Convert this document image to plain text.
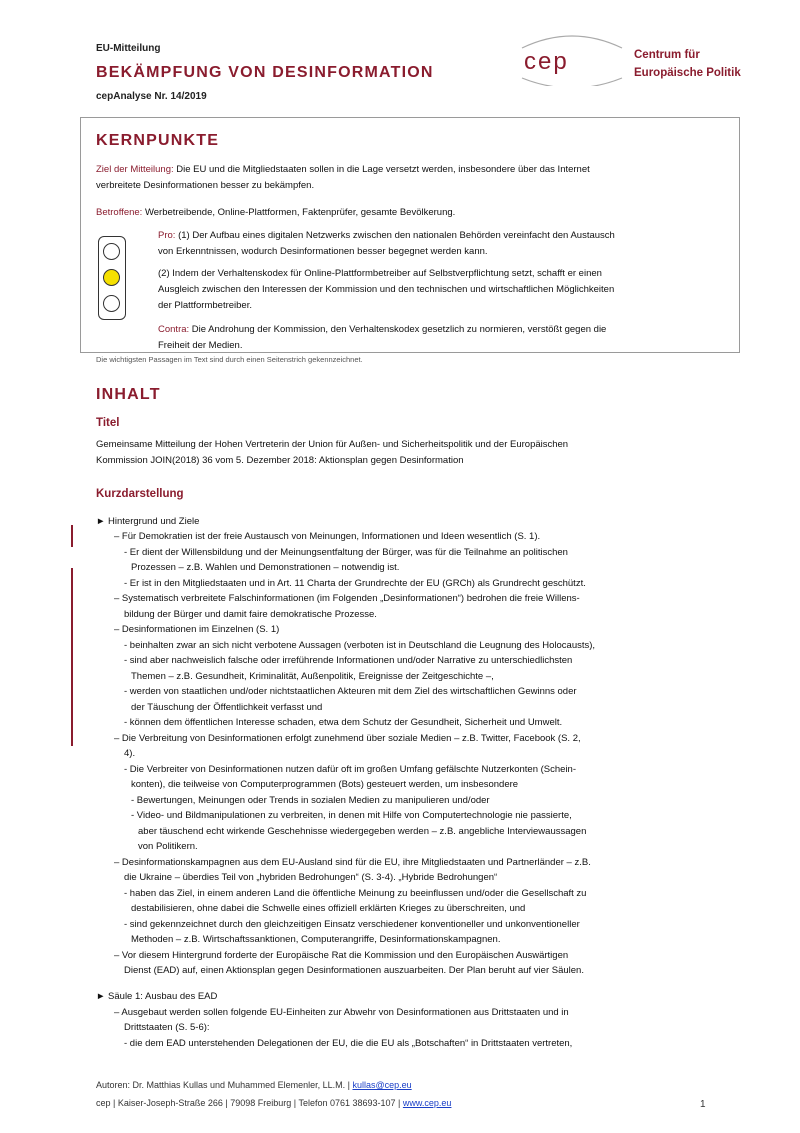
EU-Mitteilung
BEKÄMPFUNG VON DESINFORMATION
cepAnalyse Nr. 14/2019
cep	Centrum für
Europäische Politik
KERNPUNKTE
Ziel der Mitteilung: Die EU und die Mitgliedstaaten sollen in die Lage versetzt werden, insbesondere über das Internet
verbreitete Desinformationen besser zu bekämpfen.
Betroffene: Werbetreibende, Online-Plattformen, Faktenprüfer, gesamte Bevölkerung.
Pro: (1) Der Aufbau eines digitalen Netzwerks zwischen den nationalen Behörden vereinfacht den Austausch
von Erkenntnissen, wodurch Desinformationen besser begegnet werden kann.
(2) Indem der Verhaltenskodex für Online-Plattformbetreiber auf Selbstverpflichtung setzt, schafft er einen
Ausgleich zwischen den Interessen der Kommission und den technischen und wirtschaftlichen Möglichkeiten
der Plattformbetreiber.
Contra: Die Androhung der Kommission, den Verhaltenskodex gesetzlich zu normieren, verstößt gegen die
Freiheit der Medien.
Die wichtigsten Passagen im Text sind durch einen Seitenstrich gekennzeichnet.
INHALT
Titel
Gemeinsame Mitteilung der Hohen Vertreterin der Union für Außen- und Sicherheitspolitik und der Europäischen
Kommission JOIN(2018) 36 vom 5. Dezember 2018: Aktionsplan gegen Desinformation
Kurzdarstellung
► Hintergrund und Ziele
– Für Demokratien ist der freie Austausch von Meinungen, Informationen und Ideen wesentlich (S. 1).
- Er dient der Willensbildung und der Meinungsentfaltung der Bürger, was für die Teilnahme an politischen
Prozessen – z.B. Wahlen und Demonstrationen – notwendig ist.
- Er ist in den Mitgliedstaaten und in Art. 11 Charta der Grundrechte der EU (GRCh) als Grundrecht geschützt.
– Systematisch verbreitete Falschinformationen (im Folgenden „Desinformationen“) bedrohen die freie Willens-
bildung der Bürger und damit faire demokratische Prozesse.
– Desinformationen im Einzelnen (S. 1)
- beinhalten zwar an sich nicht verbotene Aussagen (verboten ist in Deutschland die Leugnung des Holocausts),
- sind aber nachweislich falsche oder irreführende Informationen und/oder Narrative zu unterschiedlichsten
Themen – z.B. Gesundheit, Kriminalität, Außenpolitik, Ereignisse der Zeitgeschichte –,
- werden von staatlichen und/oder nichtstaatlichen Akteuren mit dem Ziel des wirtschaftlichen Gewinns oder
der Täuschung der Öffentlichkeit verfasst und
- können dem öffentlichen Interesse schaden, etwa dem Schutz der Gesundheit, Sicherheit und Umwelt.
– Die Verbreitung von Desinformationen erfolgt zunehmend über soziale Medien – z.B. Twitter, Facebook (S. 2,
4).
- Die Verbreiter von Desinformationen nutzen dafür oft im großen Umfang gefälschte Nutzerkonten (Schein-
konten), die teilweise von Computerprogrammen (Bots) gesteuert werden, um insbesondere
- Bewertungen, Meinungen oder Trends in sozialen Medien zu manipulieren und/oder
- Video- und Bildmanipulationen zu verbreiten, in denen mit Hilfe von Computertechnologie nie passierte,
aber täuschend echt wirkende Geschehnisse wiedergegeben werden – z.B. angebliche Interviewaussagen
von Politikern.
– Desinformationskampagnen aus dem EU-Ausland sind für die EU, ihre Mitgliedstaaten und Partnerländer – z.B.
die Ukraine – überdies Teil von „hybriden Bedrohungen“ (S. 3-4). „Hybride Bedrohungen“
- haben das Ziel, in einem anderen Land die öffentliche Meinung zu beeinflussen und/oder die Gesellschaft zu
destabilisieren, ohne dabei die Schwelle eines offiziell erklärten Krieges zu überschreiten, und
- sind gekennzeichnet durch den gleichzeitigen Einsatz verschiedener konventioneller und unkonventioneller
Methoden – z.B. Wirtschaftssanktionen, Computerangriffe, Desinformationskampagnen.
– Vor diesem Hintergrund forderte der Europäische Rat die Kommission und den Europäischen Auswärtigen
Dienst (EAD) auf, einen Aktionsplan gegen Desinformationen auszuarbeiten. Der Plan beruht auf vier Säulen.
► Säule 1: Ausbau des EAD
– Ausgebaut werden sollen folgende EU-Einheiten zur Abwehr von Desinformationen aus Drittstaaten und in
Drittstaaten (S. 5-6):
- die dem EAD unterstehenden Delegationen der EU, die die EU als „Botschaften“ in Drittstaaten vertreten,
Autoren: Dr. Matthias Kullas und Muhammed Elemenler, LL.M. | kullas@cep.eu
cep | Kaiser-Joseph-Straße 266 | 79098 Freiburg | Telefon 0761 38693-107 | www.cep.eu	1
